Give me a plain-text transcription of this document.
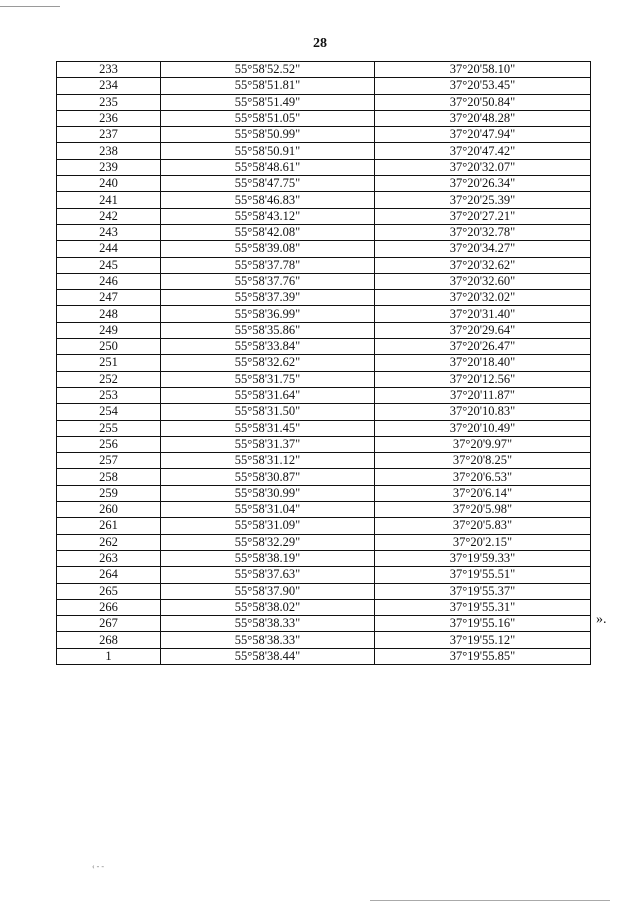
28
233	55°58'52.52"	37°20'58.10"
234	55°58'51.81"	37°20'53.45"
235	55°58'51.49"	37°20'50.84"
236	55°58'51.05"	37°20'48.28"
237	55°58'50.99"	37°20'47.94"
238	55°58'50.91"	37°20'47.42"
239	55°58'48.61"	37°20'32.07"
240	55°58'47.75"	37°20'26.34"
241	55°58'46.83"	37°20'25.39"
242	55°58'43.12"	37°20'27.21"
243	55°58'42.08"	37°20'32.78"
244	55°58'39.08"	37°20'34.27"
245	55°58'37.78"	37°20'32.62"
246	55°58'37.76"	37°20'32.60"
247	55°58'37.39"	37°20'32.02"
248	55°58'36.99"	37°20'31.40"
249	55°58'35.86"	37°20'29.64"
250	55°58'33.84"	37°20'26.47"
251	55°58'32.62"	37°20'18.40"
252	55°58'31.75"	37°20'12.56"
253	55°58'31.64"	37°20'11.87"
254	55°58'31.50"	37°20'10.83"
255	55°58'31.45"	37°20'10.49"
256	55°58'31.37"	37°20'9.97"
257	55°58'31.12"	37°20'8.25"
258	55°58'30.87"	37°20'6.53"
259	55°58'30.99"	37°20'6.14"
260	55°58'31.04"	37°20'5.98"
261	55°58'31.09"	37°20'5.83"
262	55°58'32.29"	37°20'2.15"
263	55°58'38.19"	37°19'59.33"
264	55°58'37.63"	37°19'55.51"
265	55°58'37.90"	37°19'55.37"
266	55°58'38.02"	37°19'55.31"
267	55°58'38.33"	37°19'55.16"
268	55°58'38.33"	37°19'55.12"
1	55°58'38.44"	37°19'55.85"
».
‹ - -
